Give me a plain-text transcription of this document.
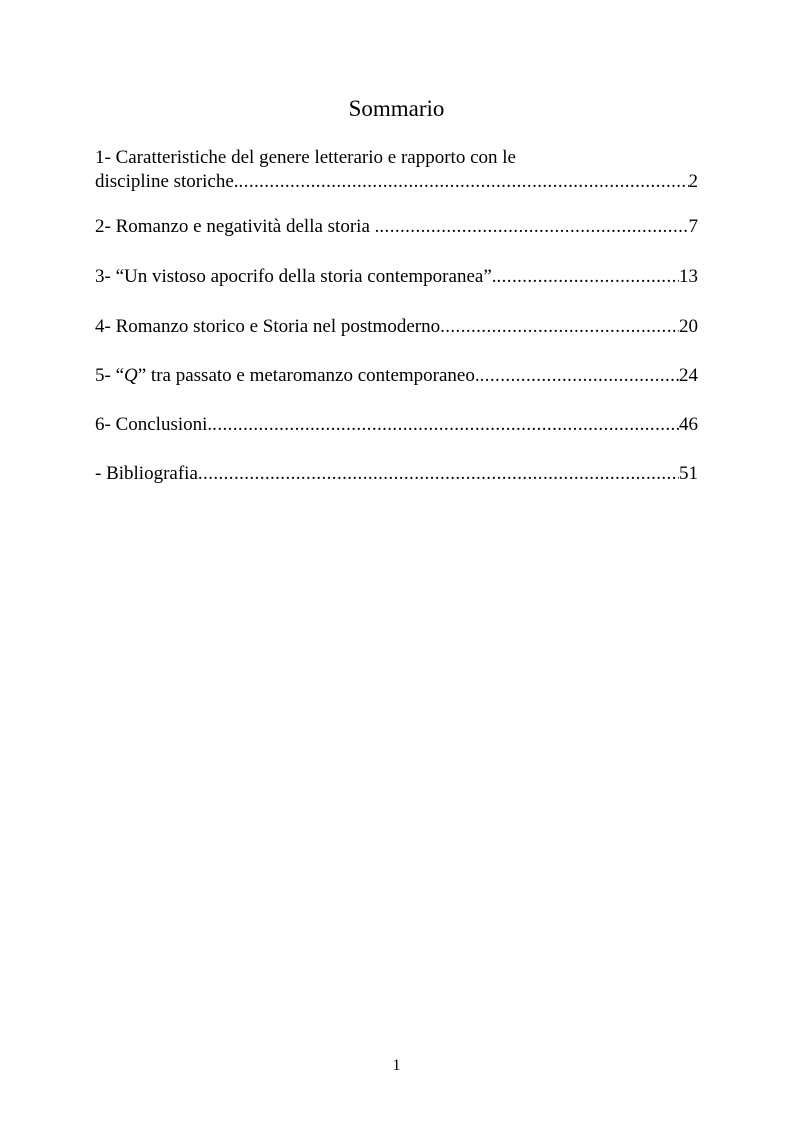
Sommario
1- Caratteristiche del genere letterario e rapporto con le
discipline storiche. .....	2
2- Romanzo e negatività della storia . .....	7
3- “Un vistoso apocrifo della storia contemporanea”. .....	13
4- Romanzo storico e Storia nel postmoderno .....	20
5- “Q” tra passato e metaromanzo contemporaneo. .....	24
6- Conclusioni. .....	46
- Bibliografia .....	51
1
